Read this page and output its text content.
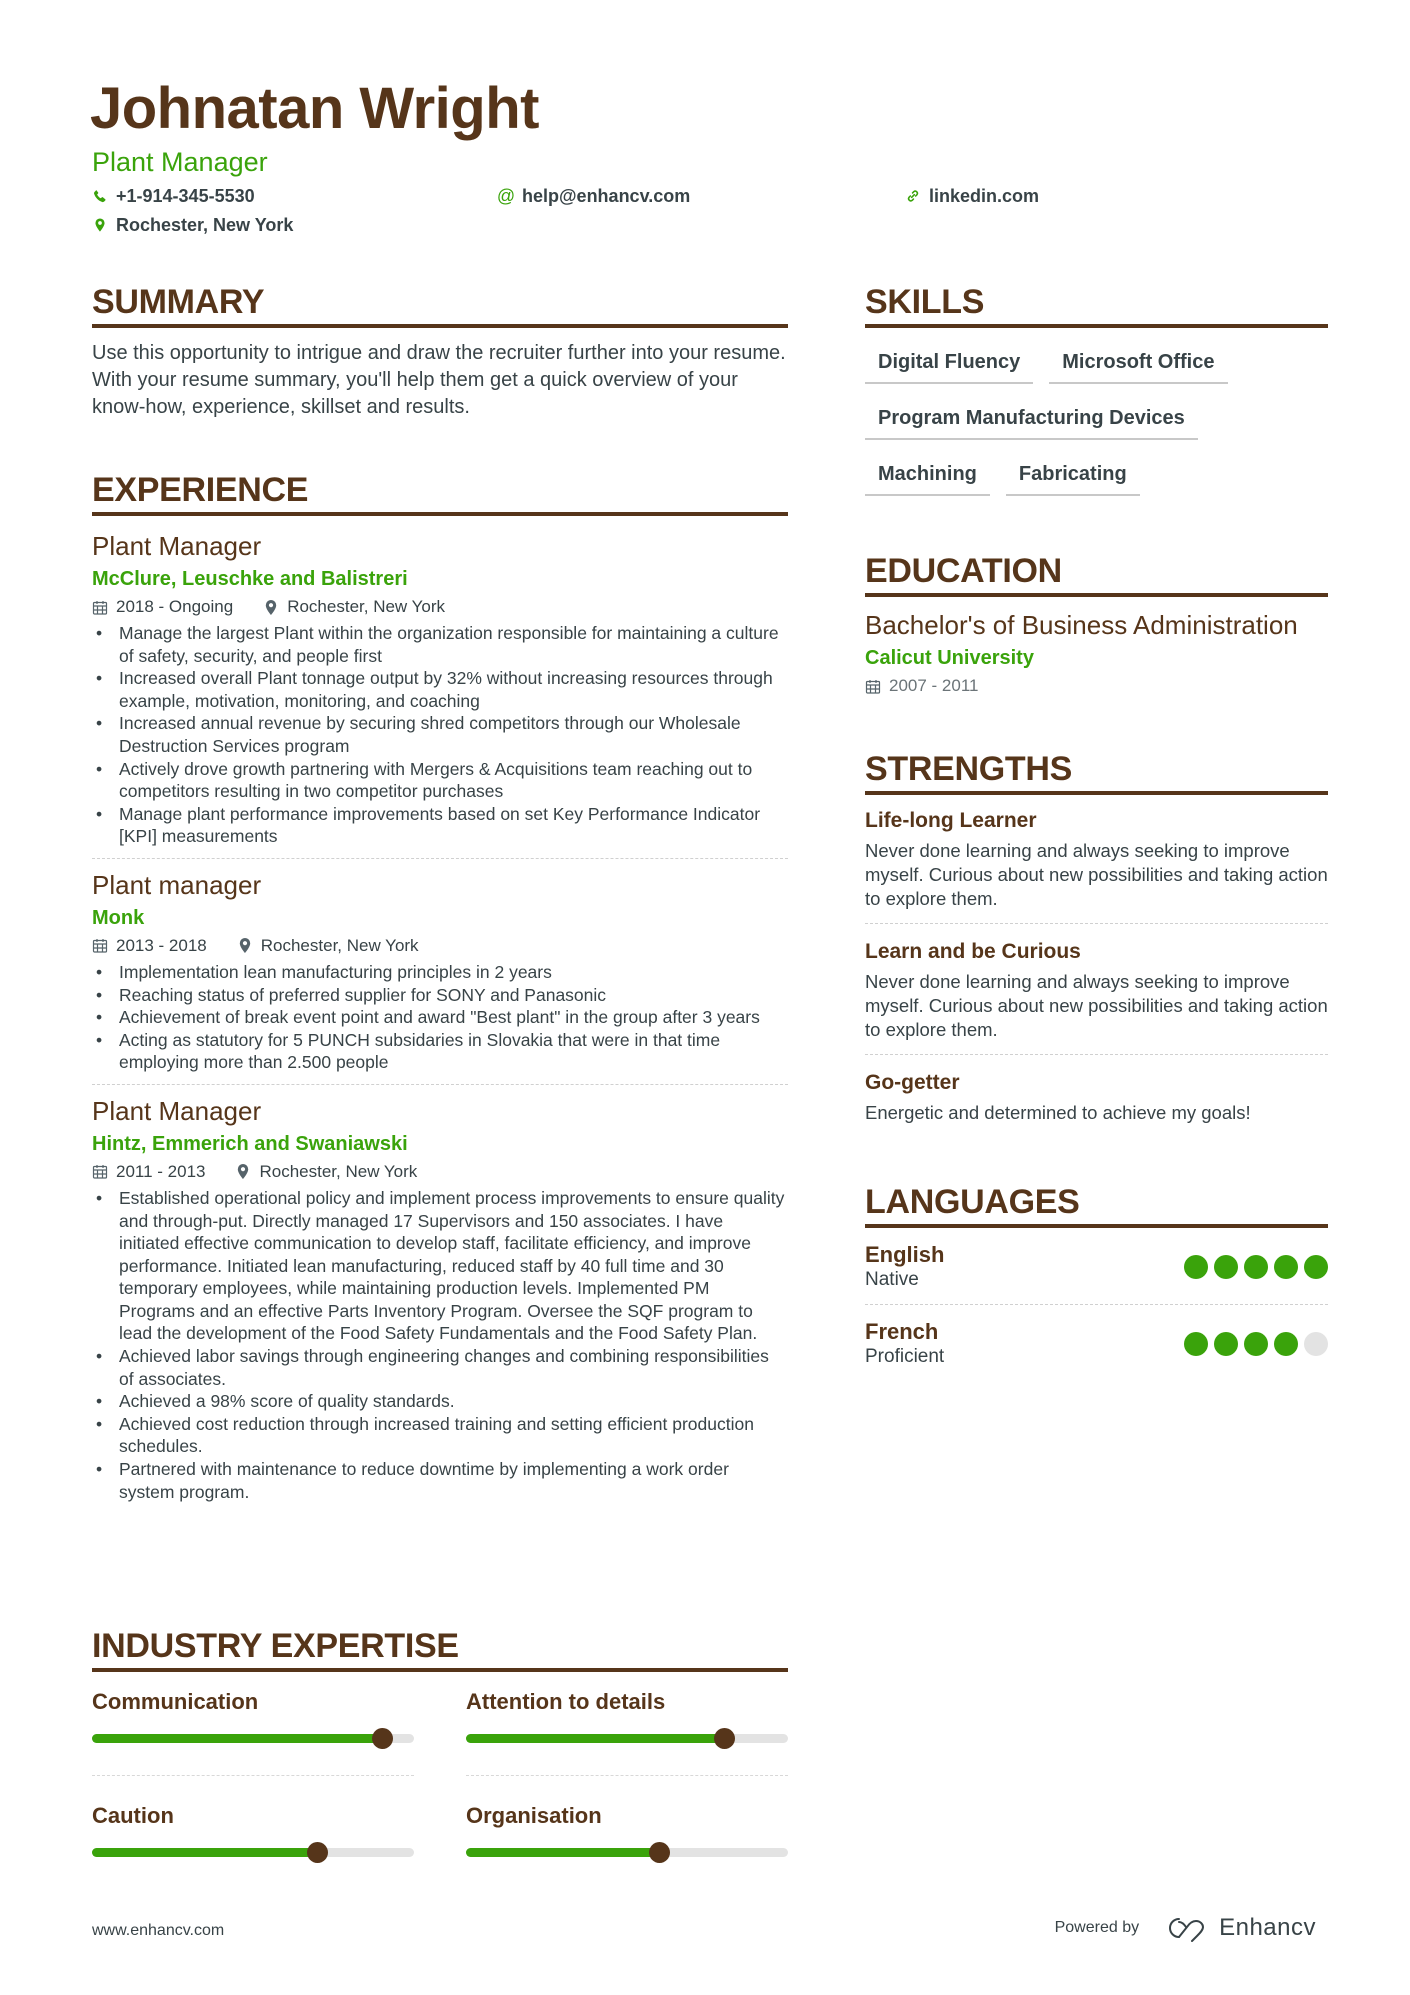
Johnatan Wright
Plant Manager
+1-914-345-5530	@ help@enhancv.com	linkedin.com
Rochester, New York
SUMMARY
Use this opportunity to intrigue and draw the recruiter further into your resume. With your resume summary, you'll help them get a quick overview of your know-how, experience, skillset and results.
EXPERIENCE
Plant Manager
McClure, Leuschke and Balistreri
2018 - Ongoing	Rochester, New York
• Manage the largest Plant within the organization responsible for maintaining a culture of safety, security, and people first
• Increased overall Plant tonnage output by 32% without increasing resources through example, motivation, monitoring, and coaching
• Increased annual revenue by securing shred competitors through our Wholesale Destruction Services program
• Actively drove growth partnering with Mergers & Acquisitions team reaching out to competitors resulting in two competitor purchases
• Manage plant performance improvements based on set Key Performance Indicator [KPI] measurements
Plant manager
Monk
2013 - 2018	Rochester, New York
• Implementation lean manufacturing principles in 2 years
• Reaching status of preferred supplier for SONY and Panasonic
• Achievement of break event point and award "Best plant" in the group after 3 years
• Acting as statutory for 5 PUNCH subsidaries in Slovakia that were in that time employing more than 2.500 people
Plant Manager
Hintz, Emmerich and Swaniawski
2011 - 2013	Rochester, New York
• Established operational policy and implement process improvements to ensure quality and through-put. Directly managed 17 Supervisors and 150 associates. I have initiated effective communication to develop staff, facilitate efficiency, and improve performance. Initiated lean manufacturing, reduced staff by 40 full time and 30 temporary employees, while maintaining production levels. Implemented PM Programs and an effective Parts Inventory Program. Oversee the SQF program to lead the development of the Food Safety Fundamentals and the Food Safety Plan.
• Achieved labor savings through engineering changes and combining responsibilities of associates.
• Achieved a 98% score of quality standards.
• Achieved cost reduction through increased training and setting efficient production schedules.
• Partnered with maintenance to reduce downtime by implementing a work order system program.
INDUSTRY EXPERTISE
Communication	Attention to details
Caution	Organisation
SKILLS
Digital Fluency	Microsoft Office
Program Manufacturing Devices
Machining	Fabricating
EDUCATION
Bachelor's of Business Administration
Calicut University
2007 - 2011
STRENGTHS
Life-long Learner
Never done learning and always seeking to improve myself. Curious about new possibilities and taking action to explore them.
Learn and be Curious
Never done learning and always seeking to improve myself. Curious about new possibilities and taking action to explore them.
Go-getter
Energetic and determined to achieve my goals!
LANGUAGES
English
Native
French
Proficient
www.enhancv.com	Powered by	Enhancv
